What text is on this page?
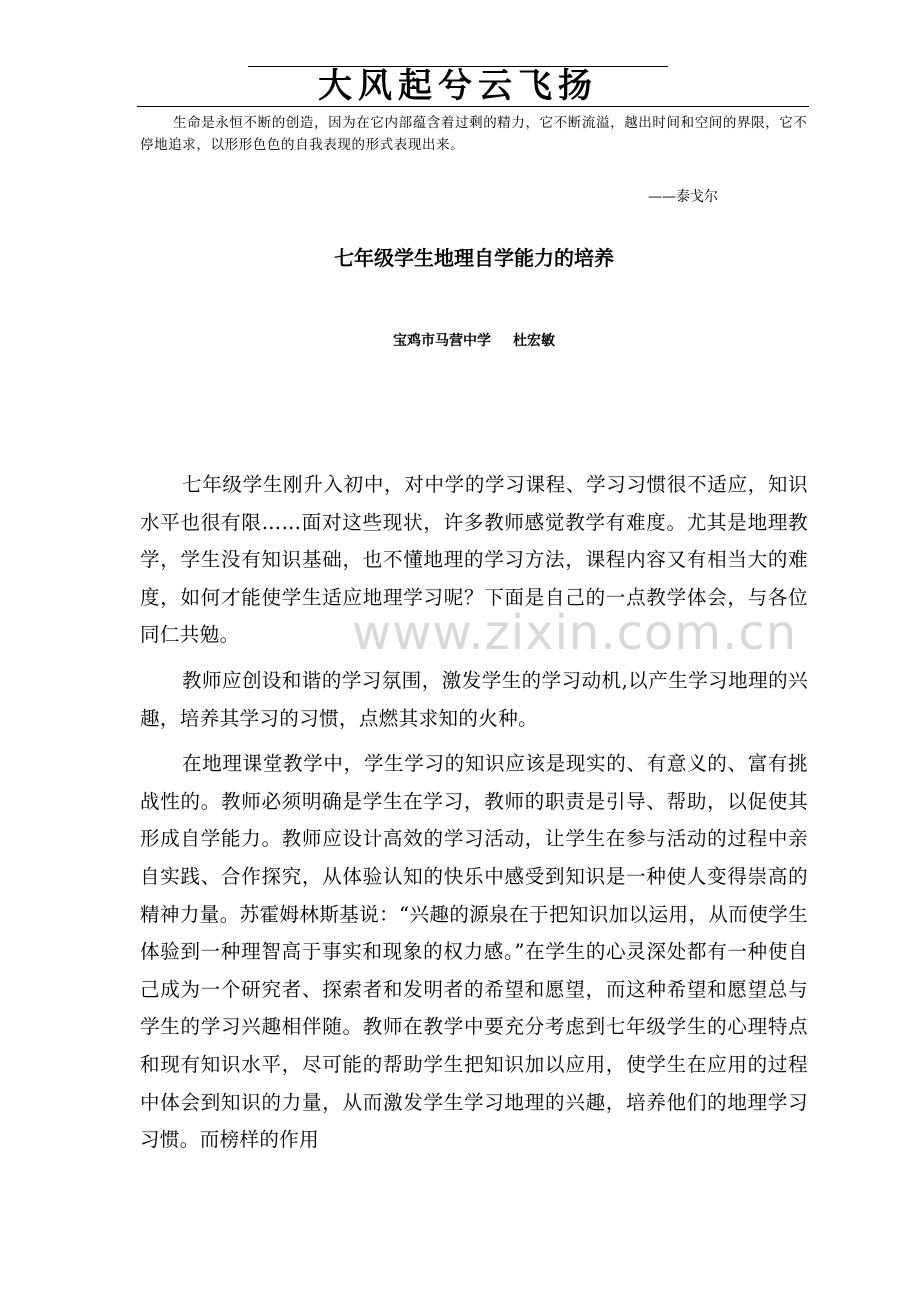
大风起兮云飞扬
生命是永恒不断的创造，因为在它内部蕴含着过剩的精力，它不断流溢，越出时间和空间的界限，它不停地追求，以形形色色的自我表现的形式表现出来。
——泰戈尔
七年级学生地理自学能力的培养
宝鸡市马营中学 杜宏敏

七年级学生刚升入初中，对中学的学习课程、学习习惯很不适应，知识水平也很有限……面对这些现状，许多教师感觉教学有难度。尤其是地理教学，学生没有知识基础，也不懂地理的学习方法，课程内容又有相当大的难度，如何才能使学生适应地理学习呢？下面是自己的一点教学体会，与各位同仁共勉。

教师应创设和谐的学习氛围，激发学生的学习动机,以产生学习地理的兴趣，培养其学习的习惯，点燃其求知的火种。

在地理课堂教学中，学生学习的知识应该是现实的、有意义的、富有挑战性的。教师必须明确是学生在学习，教师的职责是引导、帮助，以促使其形成自学能力。教师应设计高效的学习活动，让学生在参与活动的过程中亲自实践、合作探究，从体验认知的快乐中感受到知识是一种使人变得崇高的精神力量。苏霍姆林斯基说：“兴趣的源泉在于把知识加以运用，从而使学生体验到一种理智高于事实和现象的权力感。”在学生的心灵深处都有一种使自己成为一个研究者、探索者和发明者的希望和愿望，而这种希望和愿望总与学生的学习兴趣相伴随。教师在教学中要充分考虑到七年级学生的心理特点和现有知识水平，尽可能的帮助学生把知识加以应用，使学生在应用的过程中体会到知识的力量，从而激发学生学习地理的兴趣，培养他们的地理学习习惯。而榜样的作用

www.zixin.com.cn
